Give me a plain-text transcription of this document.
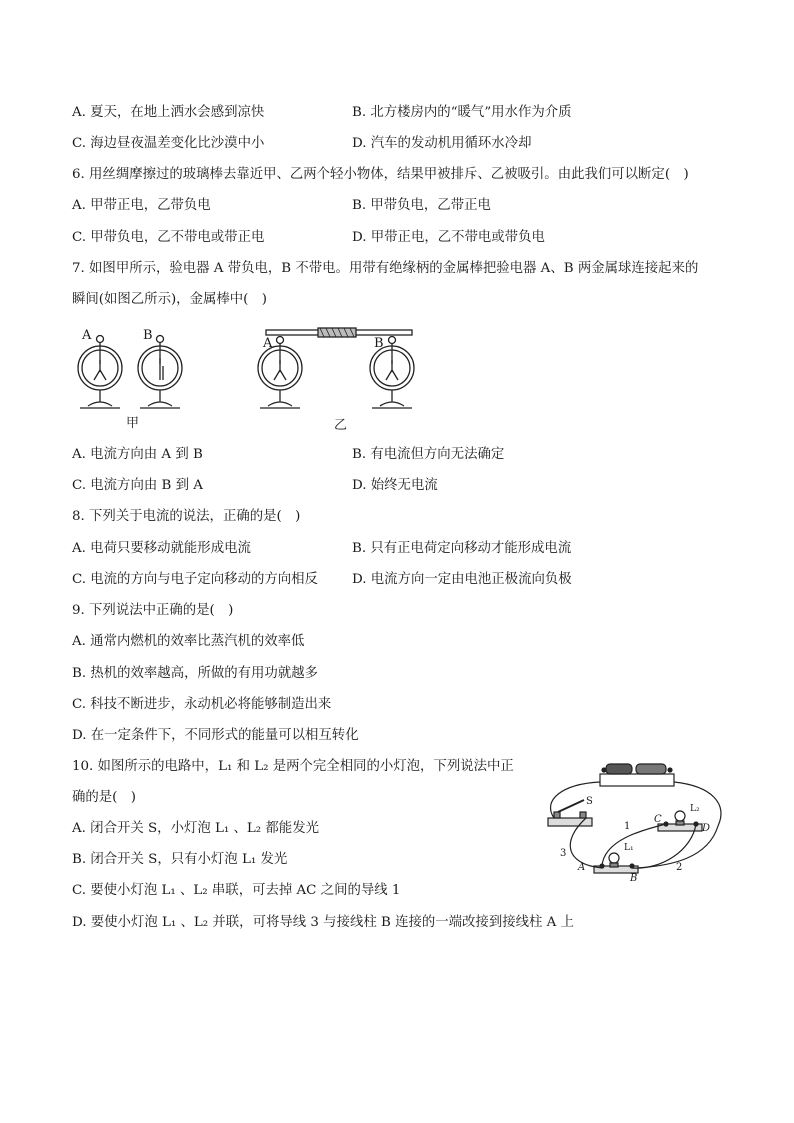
A. 夏天，在地上洒水会感到凉快	B. 北方楼房内的“暖气”用水作为介质
C. 海边昼夜温差变化比沙漠中小	D. 汽车的发动机用循环水冷却
6. 用丝绸摩擦过的玻璃棒去靠近甲、乙两个轻小物体，结果甲被排斥、乙被吸引。由此我们可以断定(　)
A. 甲带正电，乙带负电	B. 甲带负电，乙带正电
C. 甲带负电，乙不带电或带正电	D. 甲带正电，乙不带电或带负电
7. 如图甲所示，验电器 A 带负电，B 不带电。用带有绝缘柄的金属棒把验电器 A、B 两金属球连接起来的
瞬间(如图乙所示)，金属棒中(　)
A	B
A	B
甲	乙
A. 电流方向由 A 到 B	B. 有电流但方向无法确定
C. 电流方向由 B 到 A	D. 始终无电流
8. 下列关于电流的说法，正确的是(　)
A. 电荷只要移动就能形成电流	B. 只有正电荷定向移动才能形成电流
C. 电流的方向与电子定向移动的方向相反	D. 电流方向一定由电池正极流向负极
9. 下列说法中正确的是(　)
A. 通常内燃机的效率比蒸汽机的效率低
B. 热机的效率越高，所做的有用功就越多
C. 科技不断进步，永动机必将能够制造出来
D. 在一定条件下，不同形式的能量可以相互转化
10. 如图所示的电路中，L₁ 和 L₂ 是两个完全相同的小灯泡，下列说法中正
确的是(　)
A. 闭合开关 S，小灯泡 L₁ 、L₂ 都能发光
B. 闭合开关 S，只有小灯泡 L₁ 发光
C. 要使小灯泡 L₁ 、L₂ 串联，可去掉 AC 之间的导线 1
D. 要使小灯泡 L₁ 、L₂ 并联，可将导线 3 与接线柱 B 连接的一端改接到接线柱 A 上
S
L₂
C
D
1
L₁
3
A	2
B
